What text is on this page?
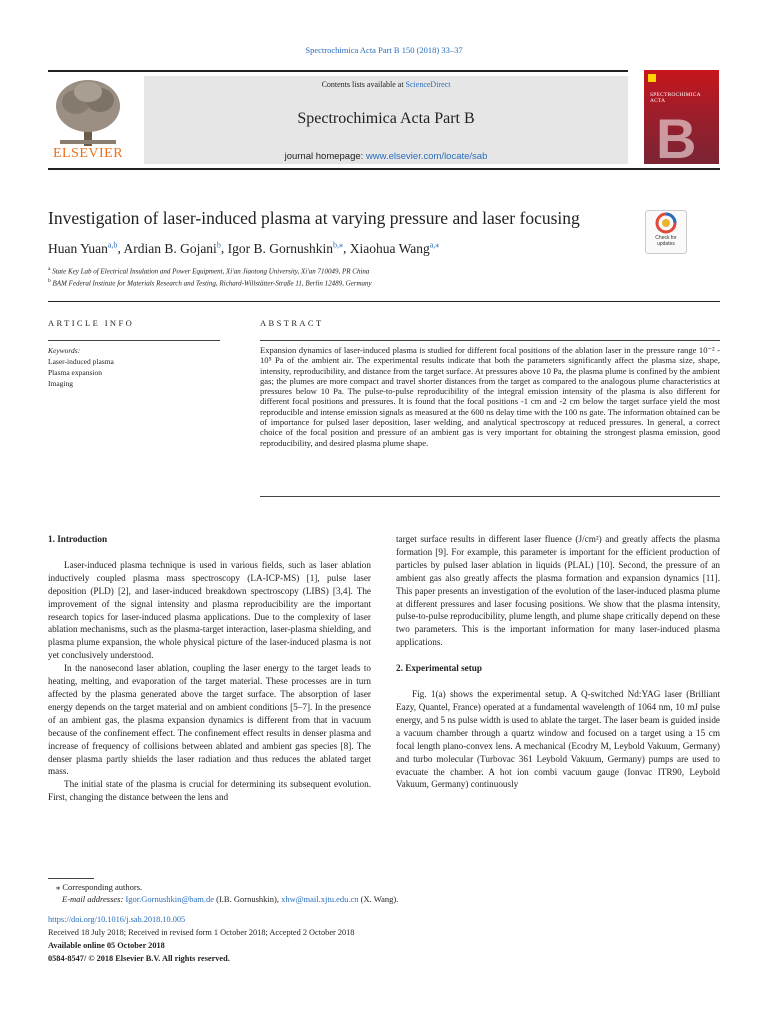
Spectrochimica Acta Part B 150 (2018) 33–37
ELSEVIER
Contents lists available at ScienceDirect
Spectrochimica Acta Part B
journal homepage: www.elsevier.com/locate/sab
SPECTROCHIMICA ACTA
B
Investigation of laser-induced plasma at varying pressure and laser focusing
Check for updates
Huan Yuan$^{a,b}$, Ardian B. Gojani$^b$, Igor B. Gornushkin$^{b,⁎}$, Xiaohua Wang$^{a,⁎}$
$^a$ State Key Lab of Electrical Insulation and Power Equipment, Xi'an Jiaotong University, Xi'an 710049, PR China
$^b$ BAM Federal Institute for Materials Research and Testing, Richard-Willstätter-Straße 11, Berlin 12489, Germany
ARTICLE INFO	ABSTRACT
Keywords:
Laser-induced plasma
Plasma expansion
Imaging
Expansion dynamics of laser-induced plasma is studied for different focal positions of the ablation laser in the pressure range 10⁻² - 10⁵ Pa of the ambient air. The experimental results indicate that both the parameters significantly affect the plasma size, shape, intensity, reproducibility, and distance from the target surface. At pressures above 10 Pa, the plasma plume is confined by the ambient gas; the plumes are more compact and travel shorter distances from the target as compared to the analogous plume characteristics at pressures below 10 Pa. The pulse-to-pulse reproducibility of the integral emission intensity of the plasma is also different for different focal positions and pressures. It is found that the focal positions -1 cm and -2 cm below the target surface yield the most reproducible and intense emission signals as measured at the 600 ns delay time with the 100 ns gate. The information obtained can be of importance for pulsed laser deposition, laser welding, and analytical spectroscopy at reduced pressures. In general, a correct choice of the focal position and pressure of an ambient gas is very important for obtaining the strongest plasma emission, good reproducibility, and desired plasma plume shape.
1. Introduction

Laser-induced plasma technique is used in various fields, such as laser ablation inductively coupled plasma mass spectroscopy (LA-ICP-MS) [1], pulse laser deposition (PLD) [2], and laser-induced breakdown spectroscopy (LIBS) [3,4]. The improvement of the signal intensity and plasma reproducibility are the important research topics for laser-induced plasma applications. Due to the complexity of laser ablation mechanisms, such as the plasma-target interaction, laser-plasma shielding, and plasma plume expansion, the whole physical picture of the laser-induced plasma is not yet conclusively understood.

In the nanosecond laser ablation, coupling the laser energy to the target leads to heating, melting, and evaporation of the target material. These processes are in turn affected by the plasma generated above the target surface. The absorption of laser energy depends on the target material and on ambient conditions [5–7]. In the presence of an ambient gas, the plasma expansion dynamics is different from that in vacuum because of the confinement effect. The confinement effect results in denser plasma and increase of frequency of collisions between ablated and ambient gas species [8]. The denser plasma partly shields the laser radiation and thus reduces the ablated target mass.

The initial state of the plasma is crucial for determining its subsequent evolution. First, changing the distance between the lens and

target surface results in different laser fluence (J/cm²) and greatly affects the plasma formation [9]. For example, this parameter is important for the efficient production of particles by pulsed laser ablation in liquids (PLAL) [10]. Second, the pressure of an ambient gas also greatly affects the plasma formation and expansion dynamics [11]. This paper presents an investigation of the evolution of the laser-induced plasma plume at different pressures and laser focusing positions. We show that the plasma intensity, pulse-to-pulse reproducibility, plume length, and plume shape critically depend on these two parameters. This is the important information for many laser-induced plasma applications.

2. Experimental setup

Fig. 1(a) shows the experimental setup. A Q-switched Nd:YAG laser (Brilliant Eazy, Quantel, France) operated at a fundamental wavelength of 1064 nm, 10 mJ pulse energy, and 5 ns pulse width is used to ablate the target. The laser beam is guided inside a vacuum chamber through a quartz window and focused on a target using a 15 cm focal length plano-convex lens. A mechanical (Ecodry M, Leybold Vakuum, Germany) and turbo molecular (Turbovac 361 Leybold Vakuum, Germany) pumps are used to evacuate the chamber. A hot ion combi vacuum gauge (Ionvac ITR90, Leybold Vakuum, Germany) continuously

⁎ Corresponding authors.
E-mail addresses: Igor.Gornushkin@bam.de (I.B. Gornushkin), xhw@mail.xjtu.edu.cn (X. Wang).
https://doi.org/10.1016/j.sab.2018.10.005
Received 18 July 2018; Received in revised form 1 October 2018; Accepted 2 October 2018
Available online 05 October 2018
0584-8547/ © 2018 Elsevier B.V. All rights reserved.
